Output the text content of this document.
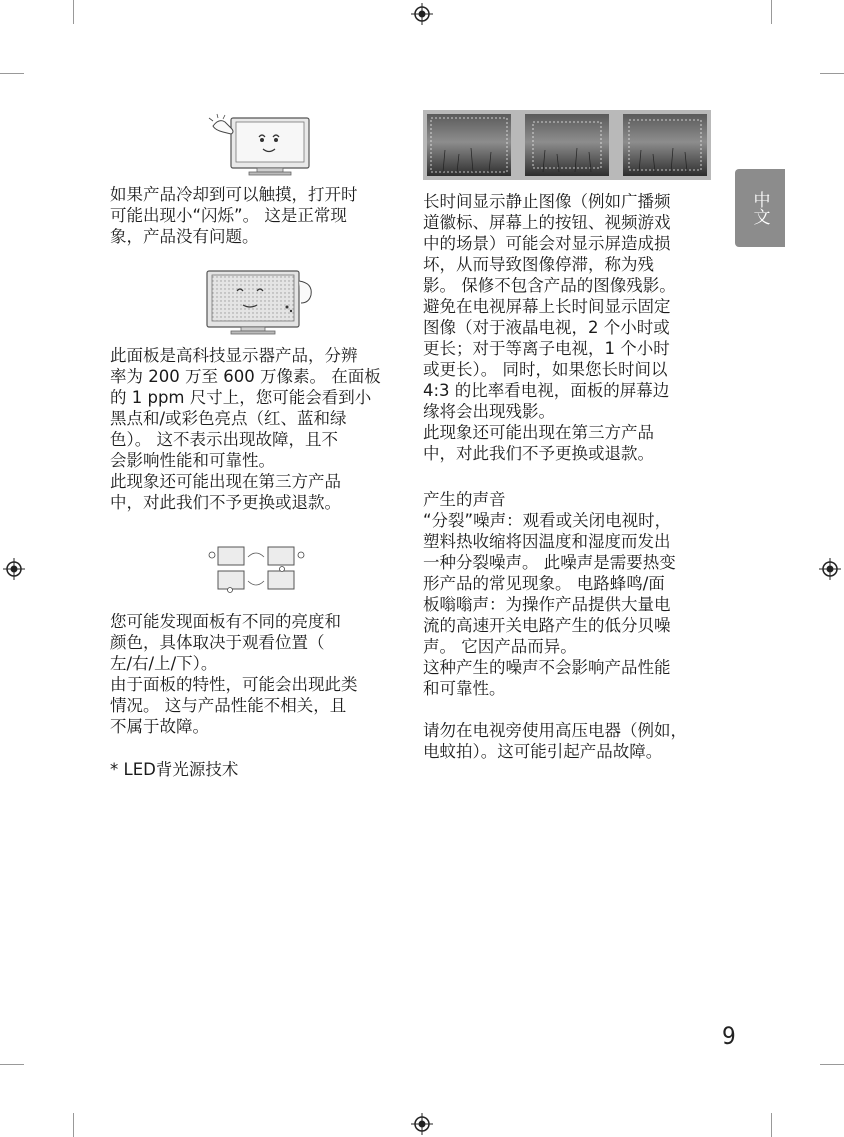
如果产品冷却到可以触摸，打开时

可能出现小“闪烁”。 这是正常现

象，产品没有问题。

此面板是高科技显示器产品，分辨

率为 200 万至 600 万像素。 在面板

的 1 ppm 尺寸上，您可能会看到小

黑点和/或彩色亮点（红、蓝和绿

色）。 这不表示出现故障，且不

会影响性能和可靠性。

此现象还可能出现在第三方产品

中，对此我们不予更换或退款。

您可能发现面板有不同的亮度和

颜色，具体取决于观看位置（

左/右/上/下）。

由于面板的特性，可能会出现此类

情况。 这与产品性能不相关，且

不属于故障。

* LED背光源技术

长时间显示静止图像（例如广播频

道徽标、屏幕上的按钮、视频游戏

中的场景）可能会对显示屏造成损

坏，从而导致图像停滞，称为残

影。 保修不包含产品的图像残影。

避免在电视屏幕上长时间显示固定

图像（对于液晶电视，2 个小时或

更长；对于等离子电视，1 个小时

或更长）。 同时，如果您长时间以

4:3 的比率看电视，面板的屏幕边

缘将会出现残影。

此现象还可能出现在第三方产品

中，对此我们不予更换或退款。

产生的声音

“分裂”噪声：观看或关闭电视时，

塑料热收缩将因温度和湿度而发出

一种分裂噪声。 此噪声是需要热变

形产品的常见现象。 电路蜂鸣/面

板嗡嗡声：为操作产品提供大量电

流的高速开关电路产生的低分贝噪

声。 它因产品而异。

这种产生的噪声不会影响产品性能

和可靠性。

请勿在电视旁使用高压电器（例如，

电蚊拍）。这可能引起产品故障。

中文
9
